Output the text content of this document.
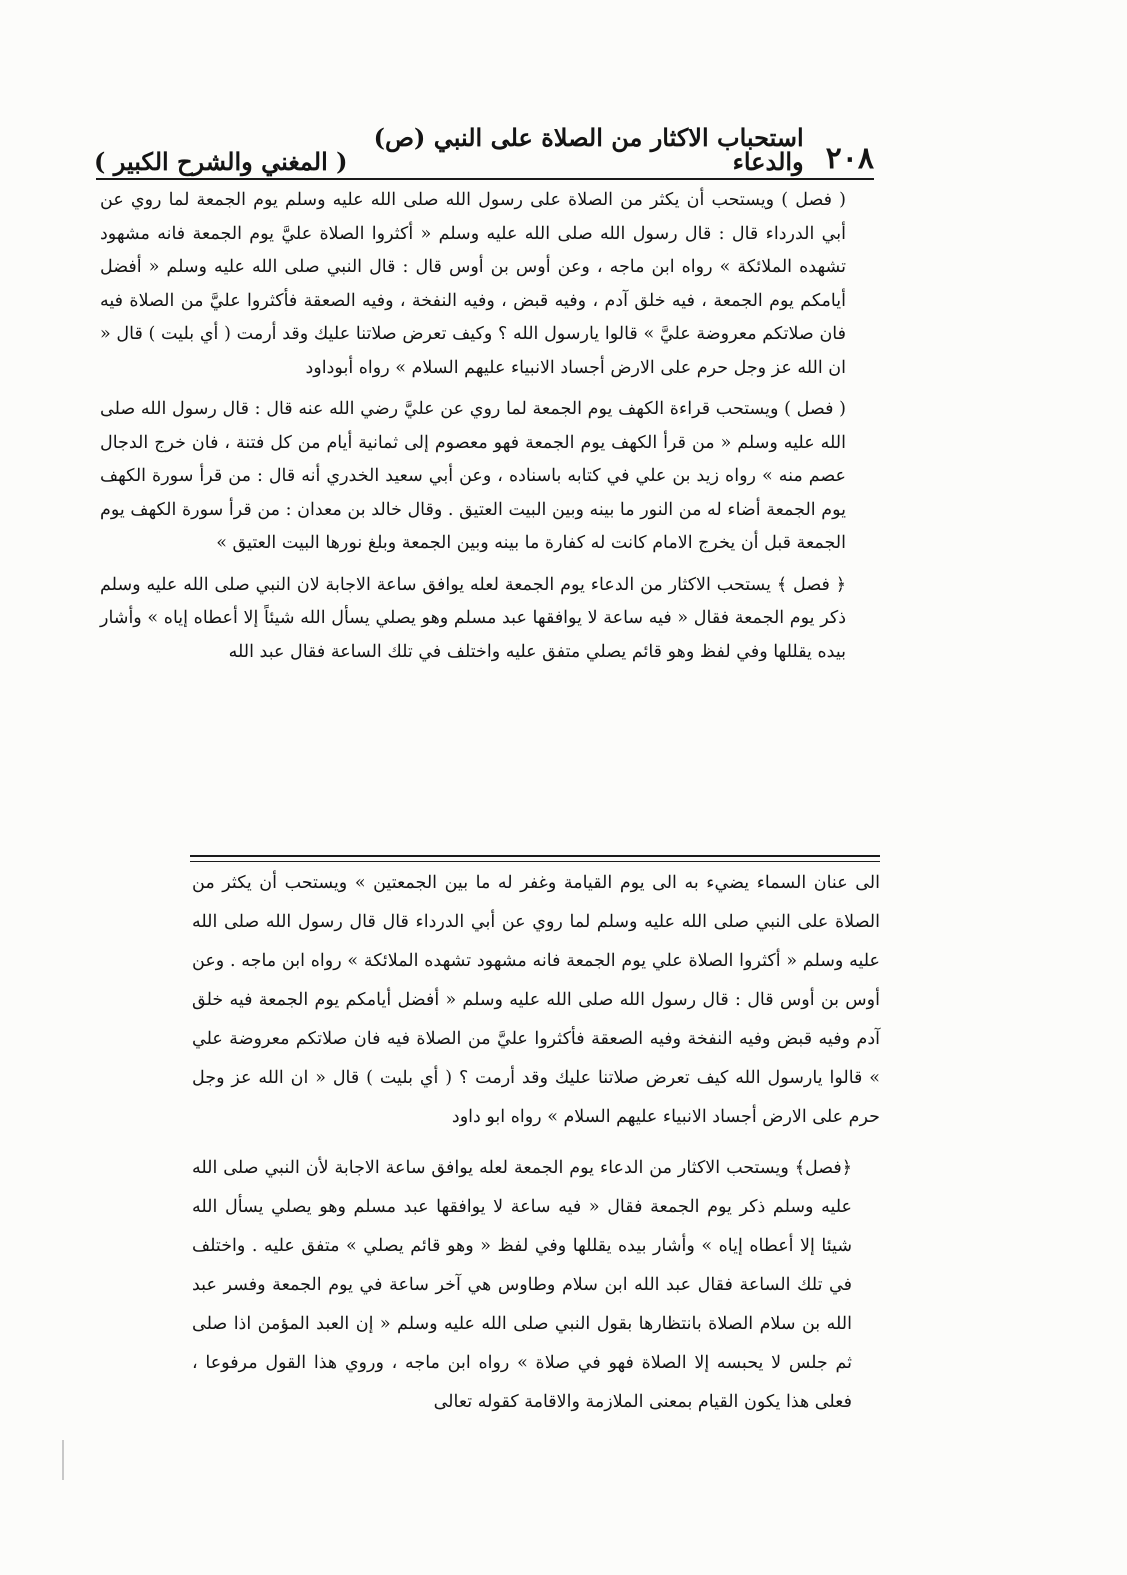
٢٠٨
استحباب الاكثار من الصلاة على النبي (ص) والدعاء
( المغني والشرح الكبير )

( فصل ) ويستحب أن يكثر من الصلاة على رسول الله صلى الله عليه وسلم يوم الجمعة لما روي عن أبي الدرداء قال : قال رسول الله صلى الله عليه وسلم « أكثروا الصلاة عليَّ يوم الجمعة فانه مشهود تشهده الملائكة » رواه ابن ماجه ، وعن أوس بن أوس قال : قال النبي صلى الله عليه وسلم « أفضل أيامكم يوم الجمعة ، فيه خلق آدم ، وفيه قبض ، وفيه النفخة ، وفيه الصعقة فأكثروا عليَّ من الصلاة فيه فان صلاتكم معروضة عليَّ » قالوا يارسول الله ؟ وكيف تعرض صلاتنا عليك وقد أرمت ( أي بليت ) قال « ان الله عز وجل حرم على الارض أجساد الانبياء عليهم السلام » رواه أبوداود

( فصل ) ويستحب قراءة الكهف يوم الجمعة لما روي عن عليَّ رضي الله عنه قال : قال رسول الله صلى الله عليه وسلم « من قرأ الكهف يوم الجمعة فهو معصوم إلى ثمانية أيام من كل فتنة ، فان خرج الدجال عصم منه » رواه زيد بن علي في كتابه باسناده ، وعن أبي سعيد الخدري أنه قال : من قرأ سورة الكهف يوم الجمعة أضاء له من النور ما بينه وبين البيت العتيق . وقال خالد بن معدان : من قرأ سورة الكهف يوم الجمعة قبل أن يخرج الامام كانت له كفارة ما بينه وبين الجمعة وبلغ نورها البيت العتيق »

﴿ فصل ﴾ يستحب الاكثار من الدعاء يوم الجمعة لعله يوافق ساعة الاجابة لان النبي صلى الله عليه وسلم ذكر يوم الجمعة فقال « فيه ساعة لا يوافقها عبد مسلم وهو يصلي يسأل الله شيئاً إلا أعطاه إياه » وأشار بيده يقللها وفي لفظ وهو قائم يصلي متفق عليه واختلف في تلك الساعة فقال عبد الله

الى عنان السماء يضيء به الى يوم القيامة وغفر له ما بين الجمعتين » ويستحب أن يكثر من الصلاة على النبي صلى الله عليه وسلم لما روي عن أبي الدرداء قال قال رسول الله صلى الله عليه وسلم « أكثروا الصلاة علي يوم الجمعة فانه مشهود تشهده الملائكة » رواه ابن ماجه . وعن أوس بن أوس قال : قال رسول الله صلى الله عليه وسلم « أفضل أيامكم يوم الجمعة فيه خلق آدم وفيه قبض وفيه النفخة وفيه الصعقة فأكثروا عليَّ من الصلاة فيه فان صلاتكم معروضة علي » قالوا يارسول الله كيف تعرض صلاتنا عليك وقد أرمت ؟ ( أي بليت ) قال « ان الله عز وجل حرم على الارض أجساد الانبياء عليهم السلام » رواه ابو داود

﴿فصل﴾ ويستحب الاكثار من الدعاء يوم الجمعة لعله يوافق ساعة الاجابة لأن النبي صلى الله عليه وسلم ذكر يوم الجمعة فقال « فيه ساعة لا يوافقها عبد مسلم وهو يصلي يسأل الله شيئا إلا أعطاه إياه » وأشار بيده يقللها وفي لفظ « وهو قائم يصلي » متفق عليه . واختلف في تلك الساعة فقال عبد الله ابن سلام وطاوس هي آخر ساعة في يوم الجمعة وفسر عبد الله بن سلام الصلاة بانتظارها بقول النبي صلى الله عليه وسلم « إن العبد المؤمن اذا صلى ثم جلس لا يحبسه إلا الصلاة فهو في صلاة » رواه ابن ماجه ، وروي هذا القول مرفوعا ، فعلى هذا يكون القيام بمعنى الملازمة والاقامة كقوله تعالى
